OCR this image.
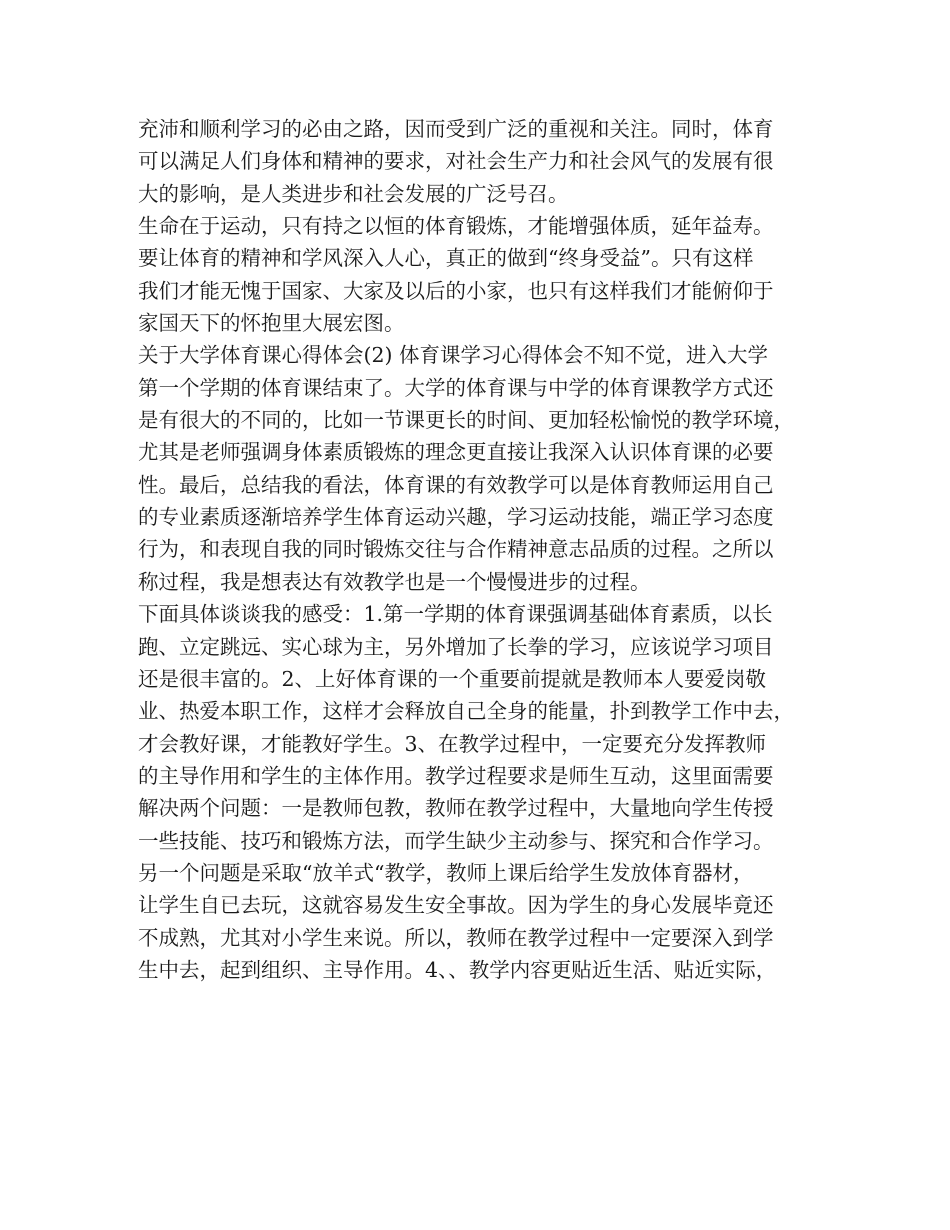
充沛和顺利学习的必由之路，因而受到广泛的重视和关注。同时，体育
可以满足人们身体和精神的要求，对社会生产力和社会风气的发展有很
大的影响，是人类进步和社会发展的广泛号召。
生命在于运动，只有持之以恒的体育锻炼，才能增强体质，延年益寿。
要让体育的精神和学风深入人心，真正的做到“终身受益”。只有这样
我们才能无愧于国家、大家及以后的小家，也只有这样我们才能俯仰于
家国天下的怀抱里大展宏图。
关于大学体育课心得体会(2) 体育课学习心得体会不知不觉，进入大学
第一个学期的体育课结束了。大学的体育课与中学的体育课教学方式还
是有很大的不同的，比如一节课更长的时间、更加轻松愉悦的教学环境，
尤其是老师强调身体素质锻炼的理念更直接让我深入认识体育课的必要
性。最后，总结我的看法，体育课的有效教学可以是体育教师运用自己
的专业素质逐渐培养学生体育运动兴趣，学习运动技能，端正学习态度
行为，和表现自我的同时锻炼交往与合作精神意志品质的过程。之所以
称过程，我是想表达有效教学也是一个慢慢进步的过程。
下面具体谈谈我的感受：1.第一学期的体育课强调基础体育素质，以长
跑、立定跳远、实心球为主，另外增加了长拳的学习，应该说学习项目
还是很丰富的。2、上好体育课的一个重要前提就是教师本人要爱岗敬
业、热爱本职工作，这样才会释放自己全身的能量，扑到教学工作中去，
才会教好课，才能教好学生。3、在教学过程中，一定要充分发挥教师
的主导作用和学生的主体作用。教学过程要求是师生互动，这里面需要
解决两个问题：一是教师包教，教师在教学过程中，大量地向学生传授
一些技能、技巧和锻炼方法，而学生缺少主动参与、探究和合作学习。
另一个问题是采取“放羊式“教学，教师上课后给学生发放体育器材，
让学生自已去玩，这就容易发生安全事故。因为学生的身心发展毕竟还
不成熟，尤其对小学生来说。所以，教师在教学过程中一定要深入到学
生中去，起到组织、主导作用。4、、教学内容更贴近生活、贴近实际，
